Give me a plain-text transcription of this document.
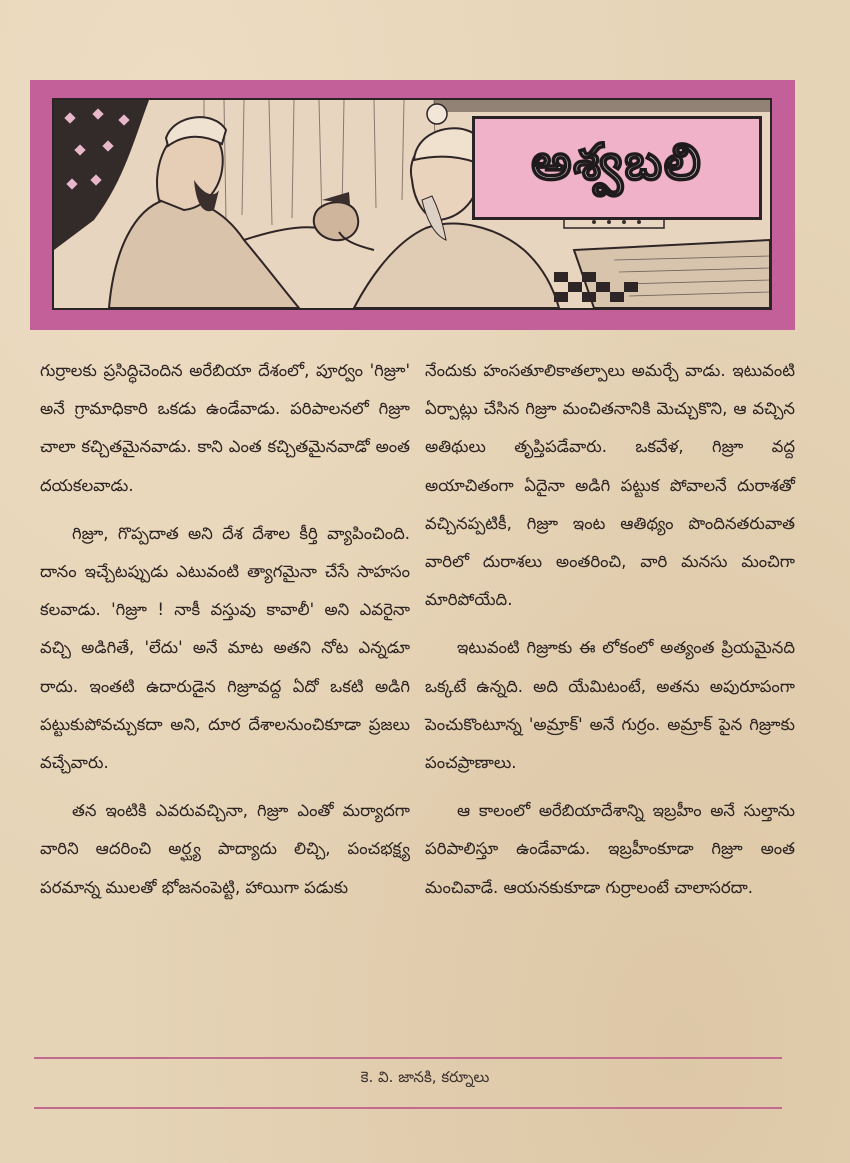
అశ్వబలి

గుర్రాలకు ప్రసిద్ధిచెందిన అరేబియా దేశంలో, పూర్వం 'గిజ్రూ' అనే గ్రామాధికారి ఒకడు ఉండేవాడు. పరిపాలనలో గిజ్రూ చాలా కచ్చితమైనవాడు. కాని ఎంత కచ్చితమైనవాడో అంత దయకలవాడు.

గిజ్రూ, గొప్పదాత అని దేశ దేశాల కీర్తి వ్యాపించింది. దానం ఇచ్చేటప్పుడు ఎటువంటి త్యాగమైనా చేసే సాహసం కలవాడు. 'గిజ్రూ ! నాకీ వస్తువు కావాలీ' అని ఎవరైనా వచ్చి అడిగితే, 'లేదు' అనే మాట అతని నోట ఎన్నడూ రాదు. ఇంతటి ఉదారుడైన గిజ్రూవద్ద ఏదో ఒకటి అడిగి పట్టుకుపోవచ్చుకదా అని, దూర దేశాలనుంచికూడా ప్రజలు వచ్చేవారు.

తన ఇంటికి ఎవరువచ్చినా, గిజ్రూ ఎంతో మర్యాదగా వారిని ఆదరించి అర్ఘ్య పాద్యాదు లిచ్చి, పంచభక్ష్య పరమాన్న ములతో భోజనంపెట్టి, హాయిగా పడుకు

నేందుకు హంసతూలికాతల్పాలు అమర్చే వాడు. ఇటువంటి ఏర్పాట్లు చేసిన గిజ్రూ మంచితనానికి మెచ్చుకొని, ఆ వచ్చిన అతిథులు తృప్తిపడేవారు. ఒకవేళ, గిజ్రూ వద్ద అయాచితంగా ఏదైనా అడిగి పట్టుక పోవాలనే దురాశతో వచ్చినప్పటికీ, గిజ్రూ ఇంట ఆతిథ్యం పొందినతరువాత వారిలో దురాశలు అంతరించి, వారి మనసు మంచిగా మారిపోయేది.

ఇటువంటి గిజ్రూకు ఈ లోకంలో అత్యంత ప్రియమైనది ఒక్కటే ఉన్నది. అది యేమిటంటే, అతను అపురూపంగా పెంచుకొంటూన్న 'అమ్రాక్' అనే గుర్రం. అమ్రాక్ పైన గిజ్రూకు పంచప్రాణాలు.

ఆ కాలంలో అరేబియాదేశాన్ని ఇబ్రహీం అనే సుల్తాను పరిపాలిస్తూ ఉండేవాడు. ఇబ్రహీంకూడా గిజ్రూ అంత మంచివాడే. ఆయనకుకూడా గుర్రాలంటే చాలాసరదా.

కె. వి. జానకి, కర్నూలు
